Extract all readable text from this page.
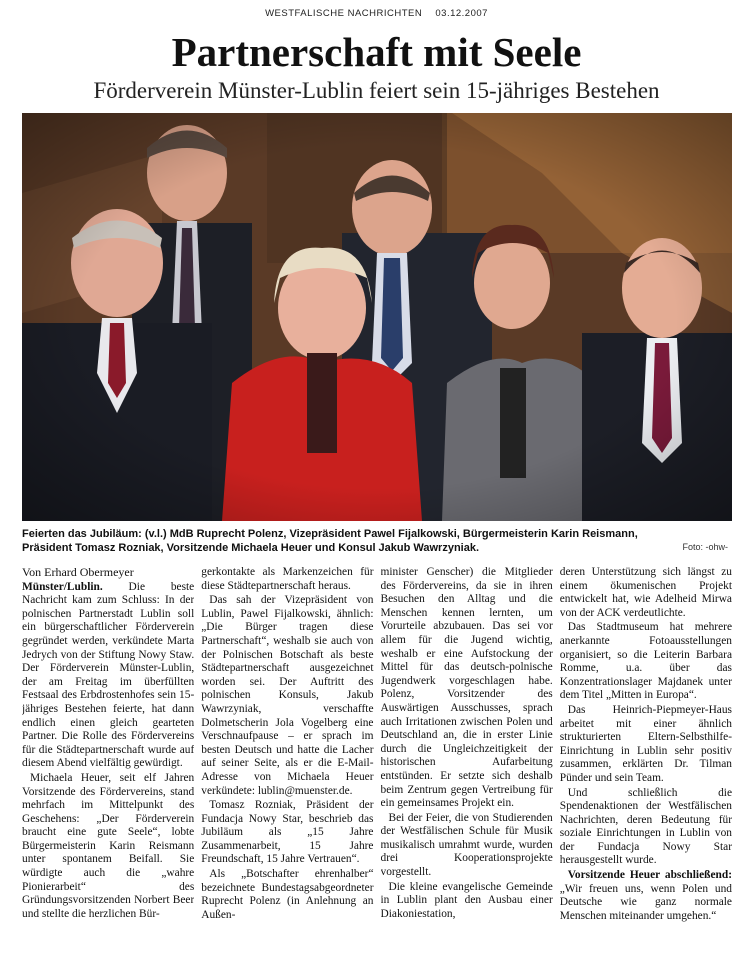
WESTFALISCHE NACHRICHTEN 03.12.2007
Partnerschaft mit Seele
Förderverein Münster-Lublin feiert sein 15-jähriges Bestehen

Feierten das Jubiläum: (v.l.) MdB Ruprecht Polenz, Vizepräsident Pawel Fijalkowski, Bürgermeisterin Karin Reismann,

Präsident Tomasz Rozniak, Vorsitzende Michaela Heuer und Konsul Jakub Wawrzyniak.	Foto: -ohw-

Von Erhard Obermeyer

Münster/Lublin. Die beste Nachricht kam zum Schluss: In der polnischen Partnerstadt Lublin soll ein bürgerschaftlicher Förderverein gegründet werden, verkündete Marta Jedrych von der Stiftung Nowy Staw. Der Förderverein Münster-Lublin, der am Freitag im überfüllten Festsaal des Erbdrostenhofes sein 15-jähriges Bestehen feierte, hat dann endlich einen gleich gearteten Partner. Die Rolle des Fördervereins für die Städtepartnerschaft wurde auf diesem Abend vielfältig gewürdigt.

Michaela Heuer, seit elf Jahren Vorsitzende des Fördervereins, stand mehrfach im Mittelpunkt des Geschehens: „Der Förderverein braucht eine gute Seele“, lobte Bürgermeisterin Karin Reismann unter spontanem Beifall. Sie würdigte auch die „wahre Pionierarbeit“ des Gründungsvorsitzenden Norbert Beer und stellte die herzlichen Bür-

gerkontakte als Markenzeichen für diese Städtepartnerschaft heraus.

Das sah der Vizepräsident von Lublin, Pawel Fijalkowski, ähnlich: „Die Bürger tragen diese Partnerschaft“, weshalb sie auch von der Polnischen Botschaft als beste Städtepartnerschaft ausgezeichnet worden sei. Der Auftritt des polnischen Konsuls, Jakub Wawrzyniak, verschaffte Dolmetscherin Jola Vogelberg eine Verschnaufpause – er sprach im besten Deutsch und hatte die Lacher auf seiner Seite, als er die E-Mail-Adresse von Michaela Heuer verkündete: lublin@muenster.de.

Tomasz Rozniak, Präsident der Fundacja Nowy Star, beschrieb das Jubiläum als „15 Jahre Zusammenarbeit, 15 Jahre Freundschaft, 15 Jahre Vertrauen“.

Als „Botschafter ehrenhalber“ bezeichnete Bundestagsabgeordneter Ruprecht Polenz (in Anlehnung an Außen-

minister Genscher) die Mitglieder des Fördervereins, da sie in ihren Besuchen den Alltag und die Menschen kennen lernten, um Vorurteile abzubauen. Das sei vor allem für die Jugend wichtig, weshalb er eine Aufstockung der Mittel für das deutsch-polnische Jugendwerk vorgeschlagen habe. Polenz, Vorsitzender des Auswärtigen Ausschusses, sprach auch Irritationen zwischen Polen und Deutschland an, die in erster Linie durch die Ungleichzeitigkeit der historischen Aufarbeitung entstünden. Er setzte sich deshalb beim Zentrum gegen Vertreibung für ein gemeinsames Projekt ein.

Bei der Feier, die von Studierenden der Westfälischen Schule für Musik musikalisch umrahmt wurde, wurden drei Kooperationsprojekte vorgestellt.

Die kleine evangelische Gemeinde in Lublin plant den Ausbau einer Diakoniestation,

deren Unterstützung sich längst zu einem ökumenischen Projekt entwickelt hat, wie Adelheid Mirwa von der ACK verdeutlichte.

Das Stadtmuseum hat mehrere anerkannte Fotoausstellungen organisiert, so die Leiterin Barbara Romme, u.a. über das Konzentrationslager Majdanek unter dem Titel „Mitten in Europa“.

Das Heinrich-Piepmeyer-Haus arbeitet mit einer ähnlich strukturierten Eltern-Selbsthilfe-Einrichtung in Lublin sehr positiv zusammen, erklärten Dr. Tilman Pünder und sein Team.

Und schließlich die Spendenaktionen der Westfälischen Nachrichten, deren Bedeutung für soziale Einrichtungen in Lublin von der Fundacja Nowy Star herausgestellt wurde.

Vorsitzende Heuer abschließend: „Wir freuen uns, wenn Polen und Deutsche wie ganz normale Menschen miteinander umgehen.“
